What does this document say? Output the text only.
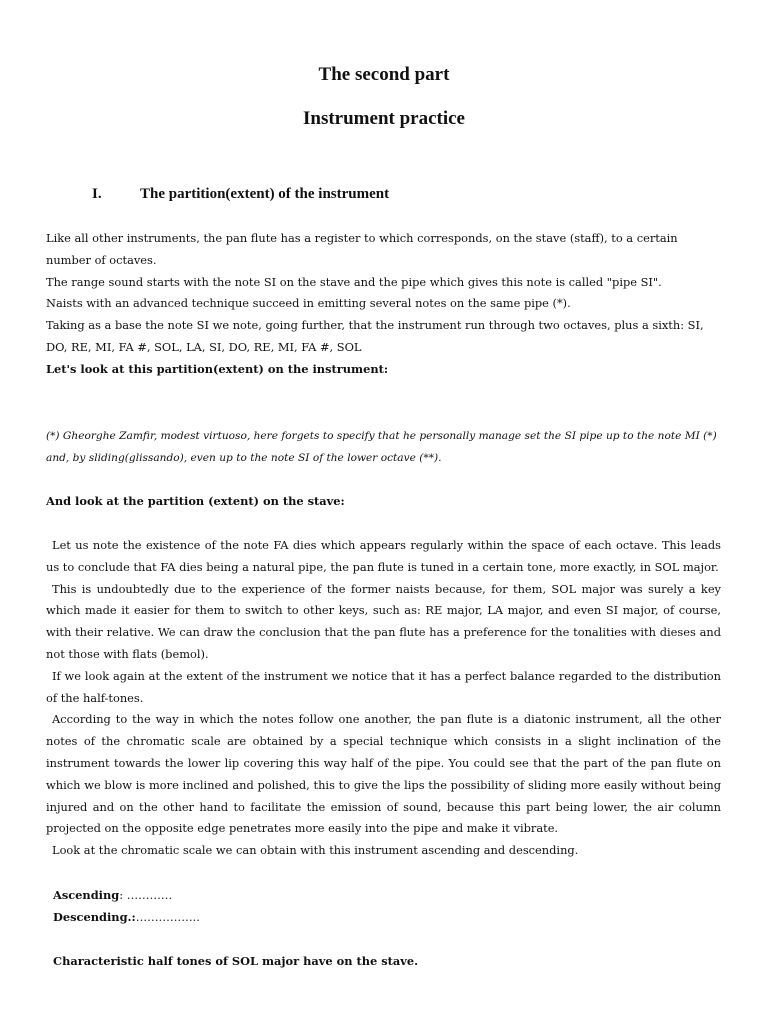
The second part
Instrument practice
I.	The partition(extent) of the instrument

Like all other instruments, the pan flute has a register to which corresponds, on the stave (staff), to a certain number of octaves.

The range sound starts with the note SI on the stave and the pipe which gives this note is called "pipe SI".

Naists with an advanced technique succeed in emitting several notes on the same pipe (*).

Taking as a base the note SI we note, going further, that the instrument run through two octaves, plus a sixth: SI, DO, RE, MI, FA #, SOL, LA, SI, DO, RE, MI, FA #, SOL

Let's look at this partition(extent) on the instrument:

(*) Gheorghe Zamfir, modest virtuoso, here forgets to specify that he personally manage set the SI pipe up to the note MI (*) and, by sliding(glissando), even up to the note SI of the lower octave (**).

And look at the partition (extent) on the stave:

Let us note the existence of the note FA dies which appears regularly within the space of each octave. This leads us to conclude that FA dies being a natural pipe, the pan flute is tuned in a certain tone, more exactly, in SOL major.

This is undoubtedly due to the experience of the former naists because, for them, SOL major was surely a key which made it easier for them to switch to other keys, such as: RE major, LA major, and even SI major, of course, with their relative. We can draw the conclusion that the pan flute has a preference for the tonalities with dieses and not those with flats (bemol).

If we look again at the extent of the instrument we notice that it has a perfect balance regarded to the distribution of the half-tones.

According to the way in which the notes follow one another, the pan flute is a diatonic instrument, all the other notes of the chromatic scale are obtained by a special technique which consists in a slight inclination of the instrument towards the lower lip covering this way half of the pipe. You could see that the part of the pan flute on which we blow is more inclined and polished, this to give the lips the possibility of sliding more easily without being injured and on the other hand to facilitate the emission of sound, because this part being lower, the air column projected on the opposite edge penetrates more easily into the pipe and make it vibrate.

Look at the chromatic scale we can obtain with this instrument ascending and descending.

Ascending: …………

Descending.:……………..

Characteristic half tones of SOL major have on the stave.
